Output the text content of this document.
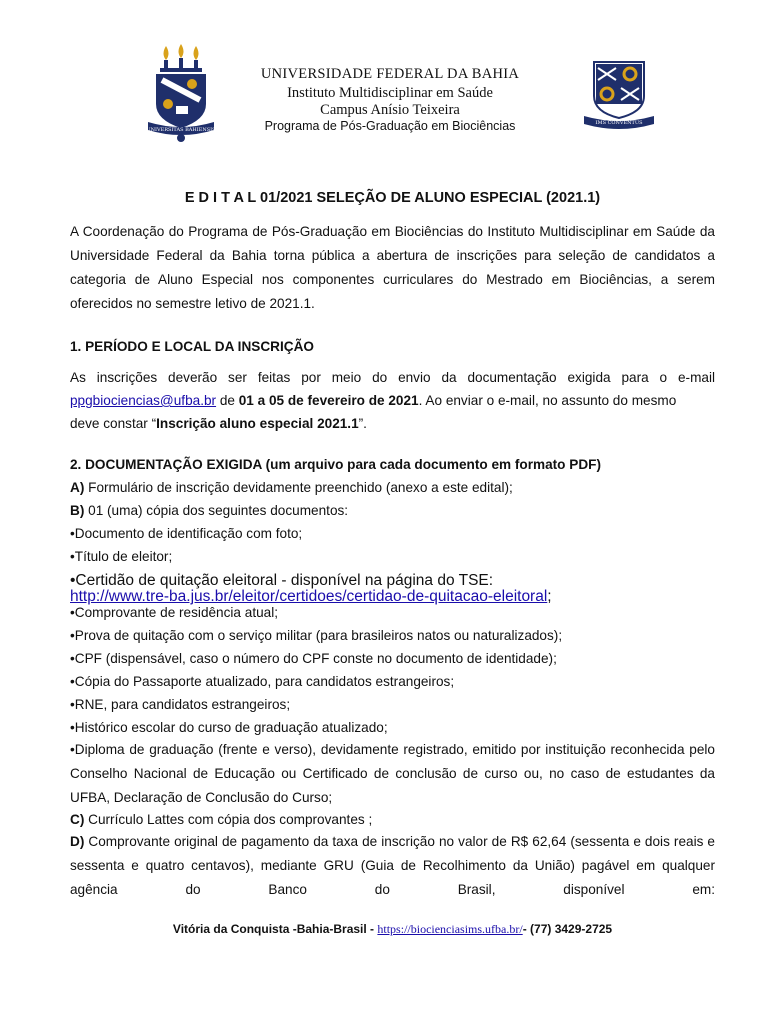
UNIVERSITAS BAHIENSIS
IMS CONVENTUS
UNIVERSIDADE FEDERAL DA BAHIA
Instituto Multidisciplinar em Saúde
Campus Anísio Teixeira
Programa de Pós-Graduação em Biociências
E D I T A L 01/2021 SELEÇÃO DE ALUNO ESPECIAL (2021.1)
A Coordenação do Programa de Pós-Graduação em Biociências do Instituto Multidisciplinar em Saúde da Universidade Federal da Bahia torna pública a abertura de inscrições para seleção de candidatos a categoria de Aluno Especial nos componentes curriculares do Mestrado em Biociências, a serem oferecidos no semestre letivo de 2021.1.
1. PERÍODO E LOCAL DA INSCRIÇÃO
As inscrições deverão ser feitas por meio do envio da documentação exigida para o e-mail
ppgbiociencias@ufba.br de 01 a 05 de fevereiro de 2021. Ao enviar o e-mail, no assunto do mesmo
deve constar “Inscrição aluno especial 2021.1”.
2. DOCUMENTAÇÃO EXIGIDA (um arquivo para cada documento em formato PDF)
A) Formulário de inscrição devidamente preenchido (anexo a este edital);
B) 01 (uma) cópia dos seguintes documentos:
•Documento de identificação com foto;
•Título de eleitor;
•Certidão de quitação eleitoral - disponível na página do TSE:
http://www.tre-ba.jus.br/eleitor/certidoes/certidao-de-quitacao-eleitoral;
•Comprovante de residência atual;
•Prova de quitação com o serviço militar (para brasileiros natos ou naturalizados);
•CPF (dispensável, caso o número do CPF conste no documento de identidade);
•Cópia do Passaporte atualizado, para candidatos estrangeiros;
•RNE, para candidatos estrangeiros;
•Histórico escolar do curso de graduação atualizado;
•Diploma de graduação (frente e verso), devidamente registrado, emitido por instituição reconhecida pelo Conselho Nacional de Educação ou Certificado de conclusão de curso ou, no caso de estudantes da UFBA, Declaração de Conclusão do Curso;
C) Currículo Lattes com cópia dos comprovantes ;
D) Comprovante original de pagamento da taxa de inscrição no valor de R$ 62,64 (sessenta e dois reais e sessenta e quatro centavos), mediante GRU (Guia de Recolhimento da União) pagável em qualquer agência do Banco do Brasil, disponível em:
Vitória da Conquista -Bahia-Brasil - https://biocienciasims.ufba.br/- (77) 3429-2725
